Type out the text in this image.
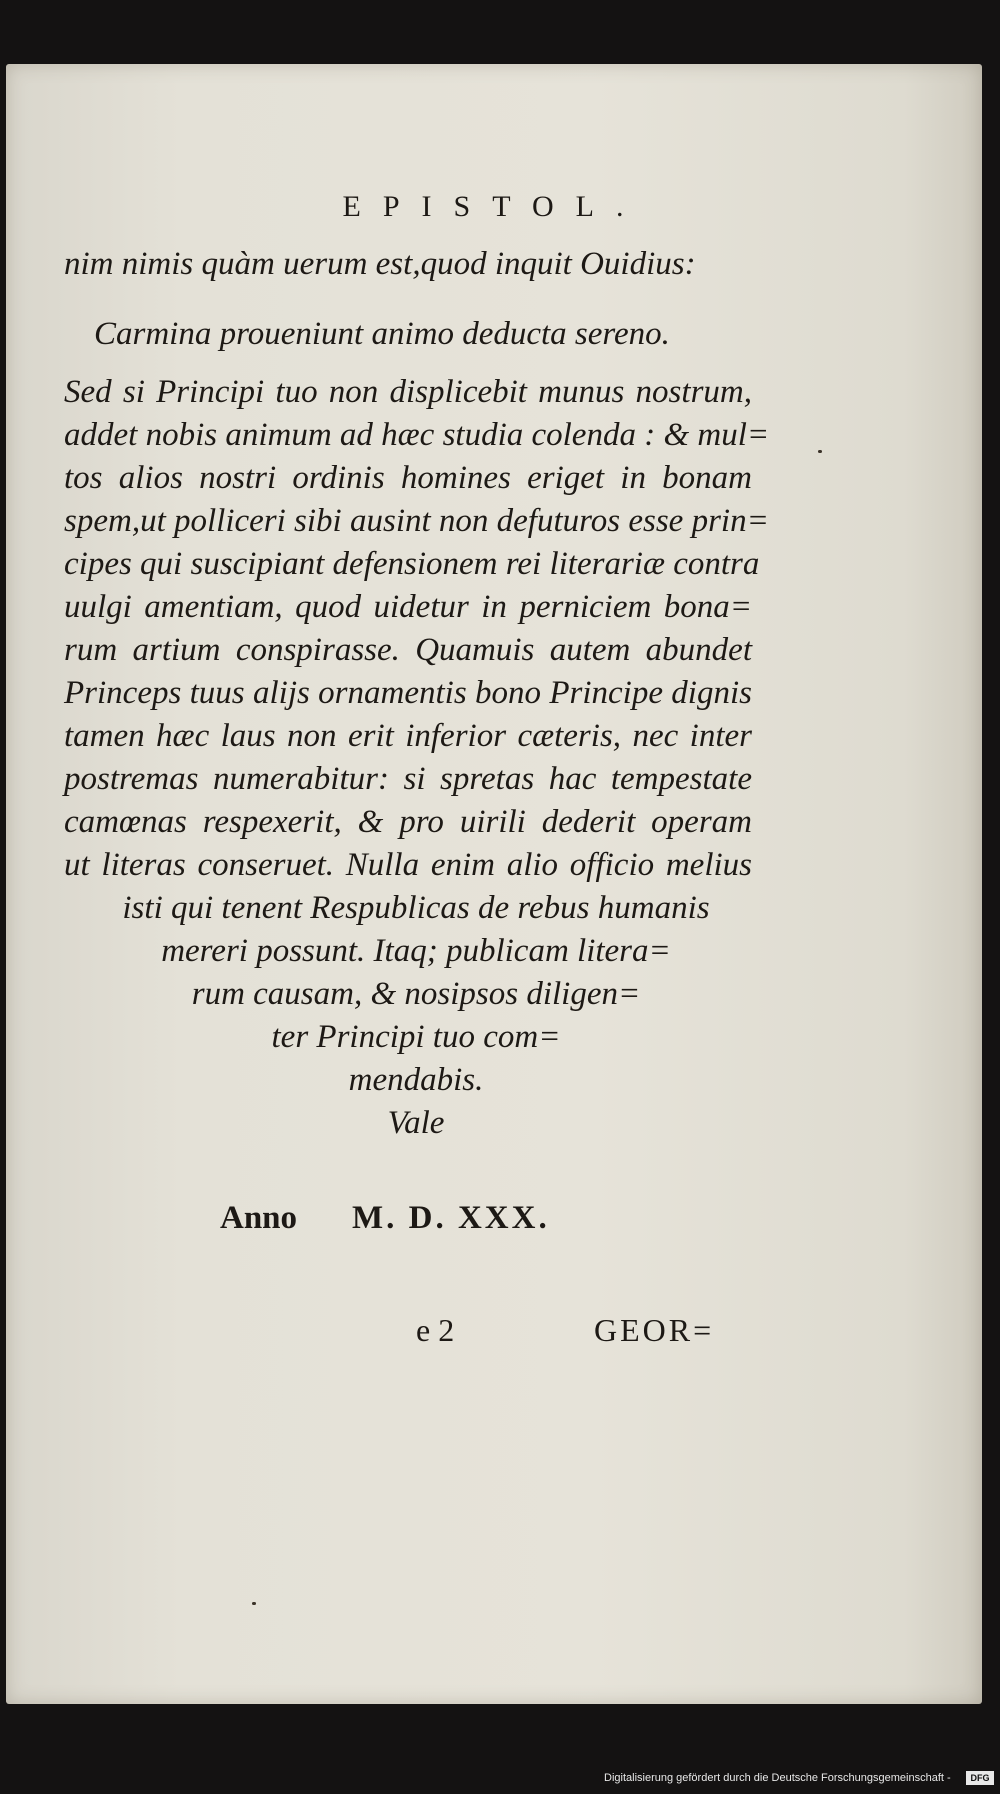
EPISTOL.
nim nimis quàm uerum est,quod inquit Ouidius:
Carmina proueniunt animo deducta sereno.
Sed si Principi tuo non displicebit munus nostrum,
addet nobis animum ad hæc studia colenda : & mul=
tos alios nostri ordinis homines eriget in bonam
spem,ut polliceri sibi ausint non defuturos esse prin=
cipes qui suscipiant defensionem rei literariæ contra
uulgi amentiam, quod uidetur in perniciem bona=
rum artium conspirasse. Quamuis autem abundet
Princeps tuus alijs ornamentis bono Principe dignis
tamen hæc laus non erit inferior cæteris, nec inter
postremas numerabitur: si spretas hac tempestate
camœnas respexerit, & pro uirili dederit operam
ut literas conseruet. Nulla enim alio officio melius
isti qui tenent Respublicas de rebus humanis
mereri possunt. Itaq; publicam litera=
rum causam, & nosipsos diligen=
ter Principi tuo com=
mendabis.
Vale
Anno M. D. XXX.
e 2	GEOR=
Digitalisierung gefördert durch die Deutsche Forschungsgemeinschaft -	DFG
